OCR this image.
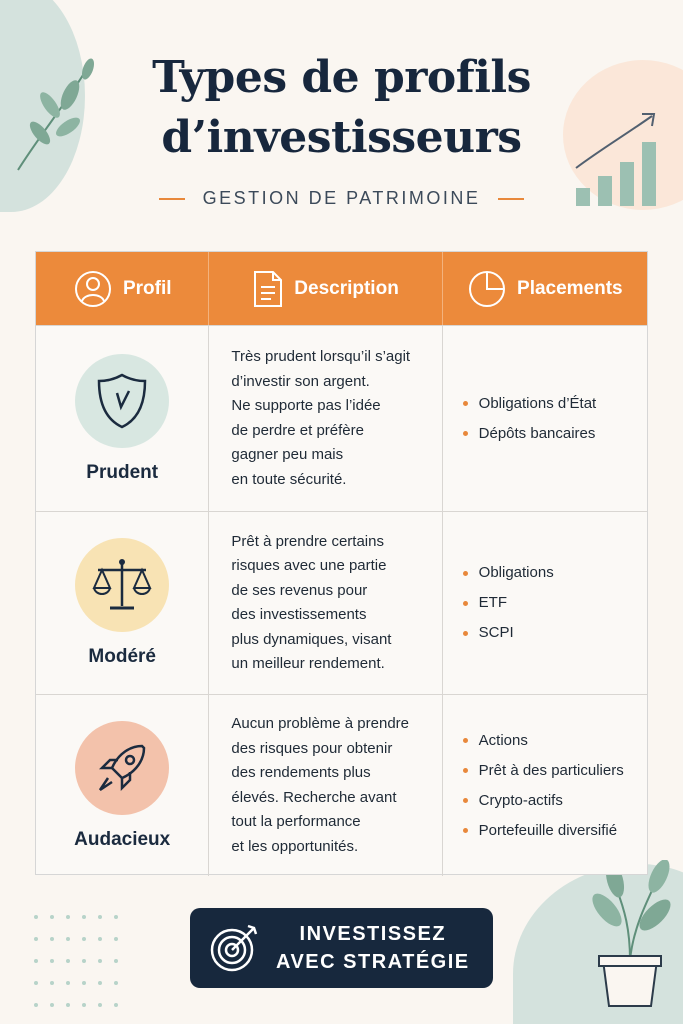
Types de profils
d’investisseurs
GESTION DE PATRIMOINE
Profil	Description	Placements
Prudent

Très prudent lorsqu’il s’agit
d’investir son argent.
Ne supporte pas l’idée
de perdre et préfère
gagner peu mais
en toute sécurité.

Obligations d’État
Dépôts bancaires
Modéré

Prêt à prendre certains
risques avec une partie
de ses revenus pour
des investissements
plus dynamiques, visant
un meilleur rendement.

Obligations
ETF
SCPI
Audacieux

Aucun problème à prendre
des risques pour obtenir
des rendements plus
élevés. Recherche avant
tout la performance
et les opportunités.

Actions
Prêt à des particuliers
Crypto-actifs
Portefeuille diversifié
INVESTISSEZ
AVEC STRATÉGIE
